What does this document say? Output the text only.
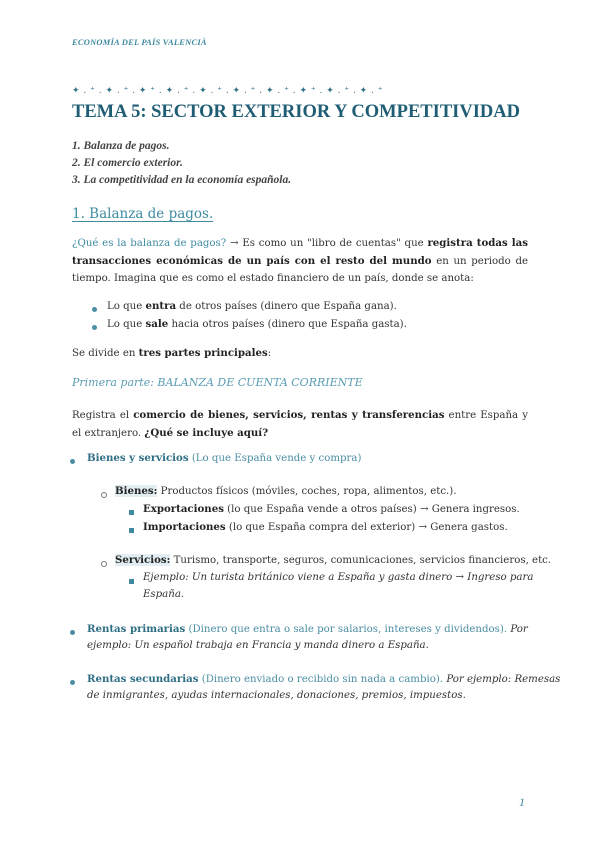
ECONOMÍA DEL PAÍS VALENCIÀ
✦ . ⁺ . ✦ . ⁺ . ✦ ⁺ . ✦ . ⁺ . ✦ . ⁺ . ✦ . ⁺ . ✦ . ⁺ . ✦ ⁺ . ✦ . ⁺ . ✦ . ⁺
TEMA 5: SECTOR EXTERIOR Y COMPETITIVIDAD
1. Balanza de pagos.
2. El comercio exterior.
3. La competitividad en la economía española.
1. Balanza de pagos.
¿Qué es la balanza de pagos? → Es como un "libro de cuentas" que registra todas las transacciones económicas de un país con el resto del mundo en un periodo de tiempo. Imagina que es como el estado financiero de un país, donde se anota:
Lo que entra de otros países (dinero que España gana).
Lo que sale hacia otros países (dinero que España gasta).
Se divide en tres partes principales:
Primera parte: BALANZA DE CUENTA CORRIENTE
Registra el comercio de bienes, servicios, rentas y transferencias entre España y el extranjero. ¿Qué se incluye aquí?
Bienes y servicios (Lo que España vende y compra)
Bienes: Productos físicos (móviles, coches, ropa, alimentos, etc.).
Exportaciones (lo que España vende a otros países) → Genera ingresos.
Importaciones (lo que España compra del exterior) → Genera gastos.
Servicios: Turismo, transporte, seguros, comunicaciones, servicios financieros, etc.
Ejemplo: Un turista británico viene a España y gasta dinero → Ingreso para
España.
Rentas primarias (Dinero que entra o sale por salarios, intereses y dividendos). Por
ejemplo: Un español trabaja en Francia y manda dinero a España.
Rentas secundarias (Dinero enviado o recibido sin nada a cambio). Por ejemplo: Remesas
de inmigrantes, ayudas internacionales, donaciones, premios, impuestos.
1
